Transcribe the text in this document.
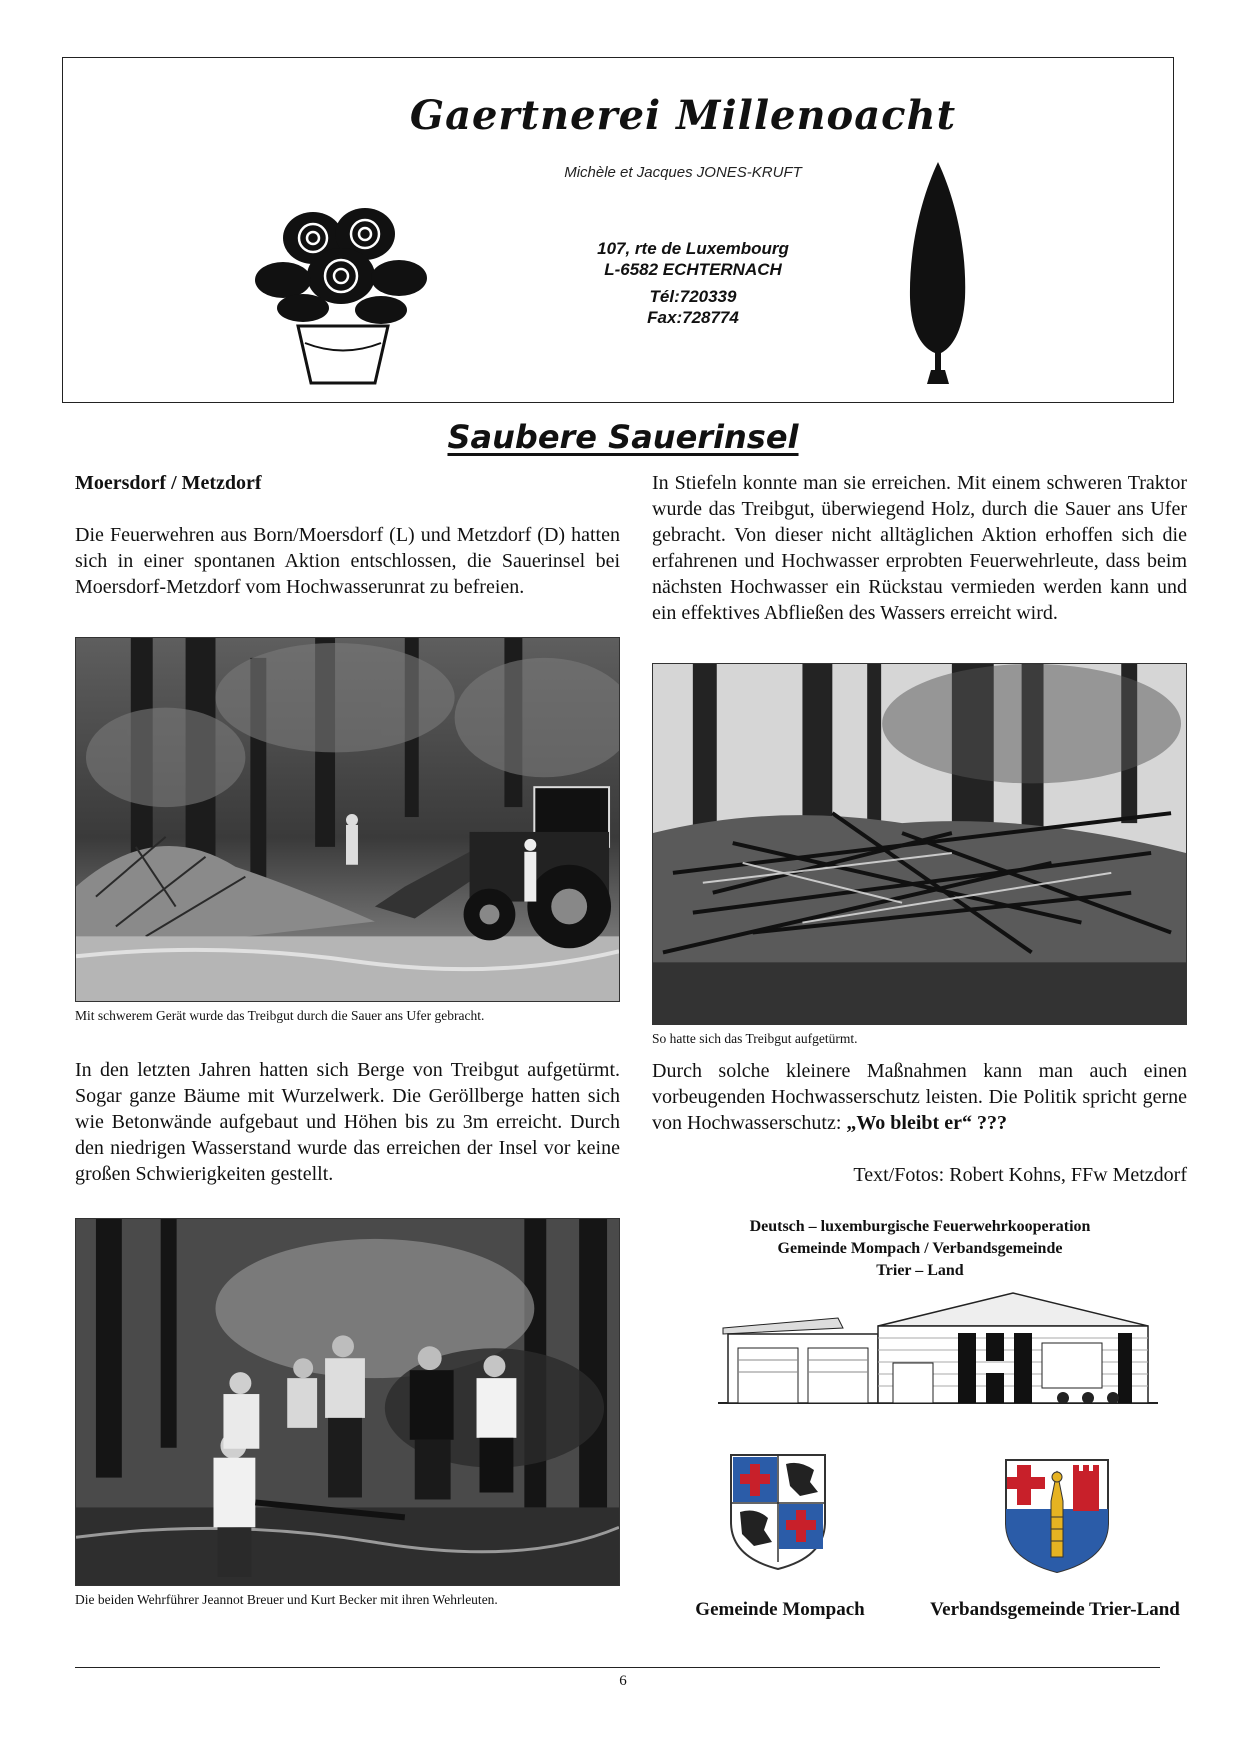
Gaertnerei Millenoacht
Michèle et Jacques JONES-KRUFT
107, rte de Luxembourg
L-6582 ECHTERNACH
Tél:720339
Fax:728774
Saubere Sauerinsel
Moersdorf / Metzdorf

Die Feuerwehren aus Born/Moersdorf (L) und Metzdorf (D) hatten sich in einer spontanen Aktion entschlossen, die Sauerinsel bei Moersdorf-Metzdorf vom Hochwasserunrat zu befreien.

Mit schwerem Gerät wurde das Treibgut durch die Sauer ans Ufer gebracht.

In den letzten Jahren hatten sich Berge von Treibgut aufgetürmt. Sogar ganze Bäume mit Wurzelwerk. Die Geröllberge hatten sich wie Betonwände aufgebaut und Höhen bis zu 3m erreicht. Durch den niedrigen Wasserstand wurde das erreichen der Insel vor keine großen Schwierigkeiten gestellt.

Die beiden Wehrführer Jeannot Breuer und Kurt Becker mit ihren Wehrleuten.

In Stiefeln konnte man sie erreichen. Mit einem schweren Traktor wurde das Treibgut, überwiegend Holz, durch die Sauer ans Ufer gebracht. Von dieser nicht alltäglichen Aktion erhoffen sich die erfahrenen und Hochwasser erprobten Feuerwehrleute, dass beim nächsten Hochwasser ein Rückstau vermieden werden kann und ein effektives Abfließen des Wassers erreicht wird.

So hatte sich das Treibgut aufgetürmt.

Durch solche kleinere Maßnahmen kann man auch einen vorbeugenden Hochwasserschutz leisten. Die Politik spricht gerne von Hochwasserschutz: „Wo bleibt er“ ???

Text/Fotos: Robert Kohns, FFw Metzdorf
Deutsch – luxemburgische Feuerwehrkooperation
Gemeinde Mompach / Verbandsgemeinde
Trier – Land
Gemeinde Mompach	Verbandsgemeinde Trier-Land
6
